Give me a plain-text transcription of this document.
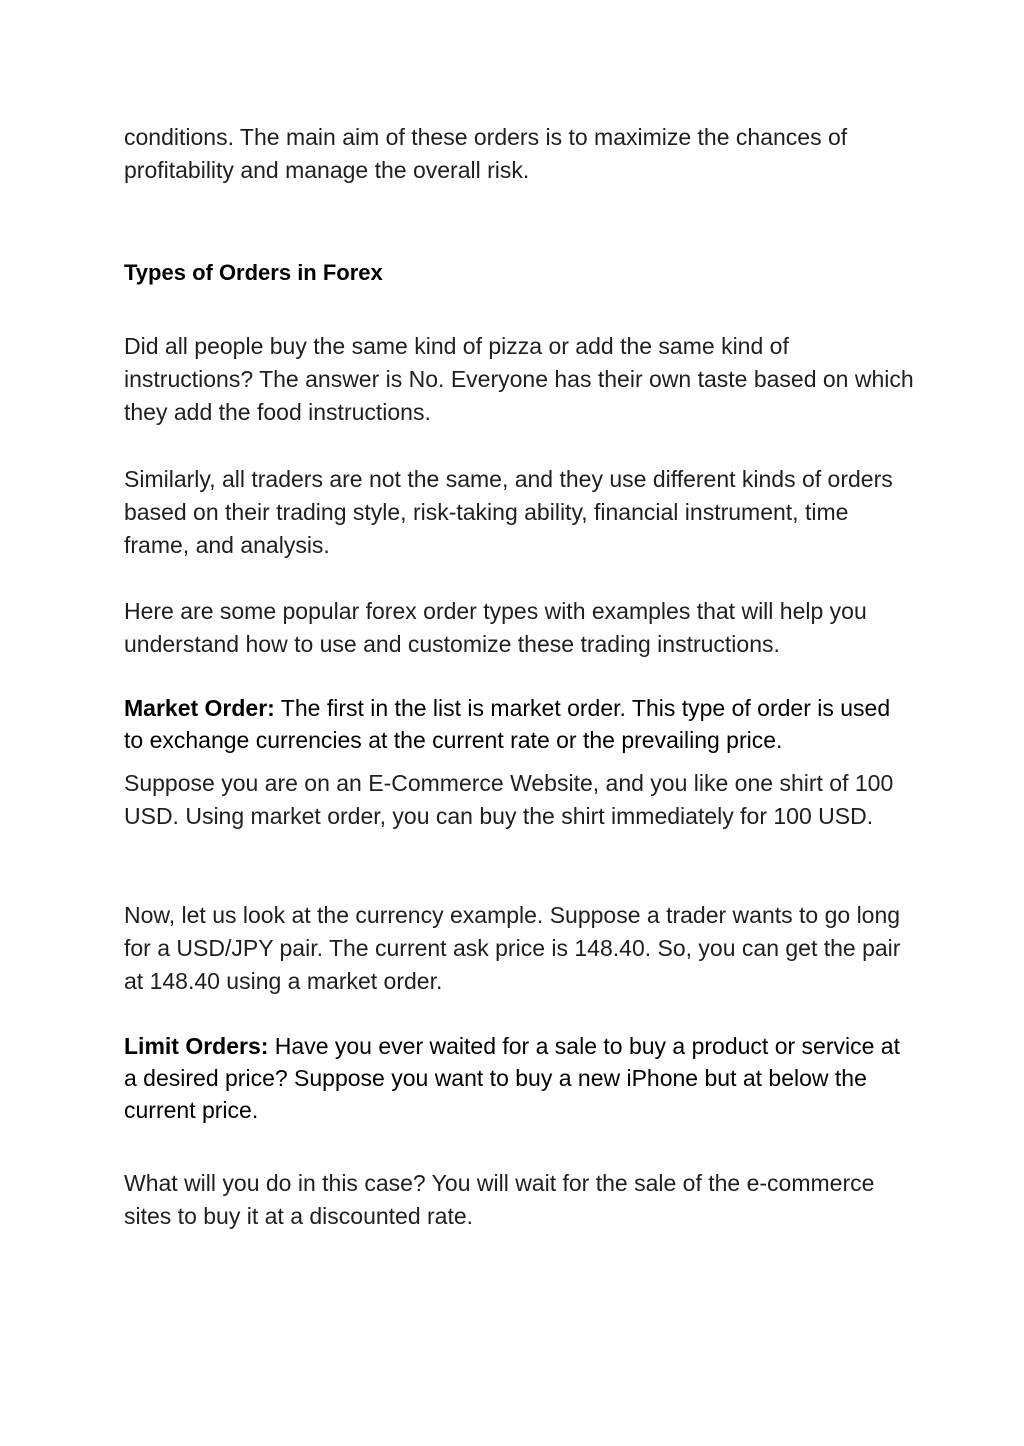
conditions. The main aim of these orders is to maximize the chances of profitability and manage the overall risk.

Types of Orders in Forex

Did all people buy the same kind of pizza or add the same kind of instructions? The answer is No. Everyone has their own taste based on which they add the food instructions.

Similarly, all traders are not the same, and they use different kinds of orders based on their trading style, risk-taking ability, financial instrument, time frame, and analysis.

Here are some popular forex order types with examples that will help you understand how to use and customize these trading instructions.

Market Order: The first in the list is market order. This type of order is used to exchange currencies at the current rate or the prevailing price.

Suppose you are on an E-Commerce Website, and you like one shirt of 100 USD. Using market order, you can buy the shirt immediately for 100 USD.

Now, let us look at the currency example. Suppose a trader wants to go long for a USD/JPY pair. The current ask price is 148.40. So, you can get the pair at 148.40 using a market order.

Limit Orders: Have you ever waited for a sale to buy a product or service at a desired price? Suppose you want to buy a new iPhone but at below the current price.

What will you do in this case? You will wait for the sale of the e-commerce sites to buy it at a discounted rate.
